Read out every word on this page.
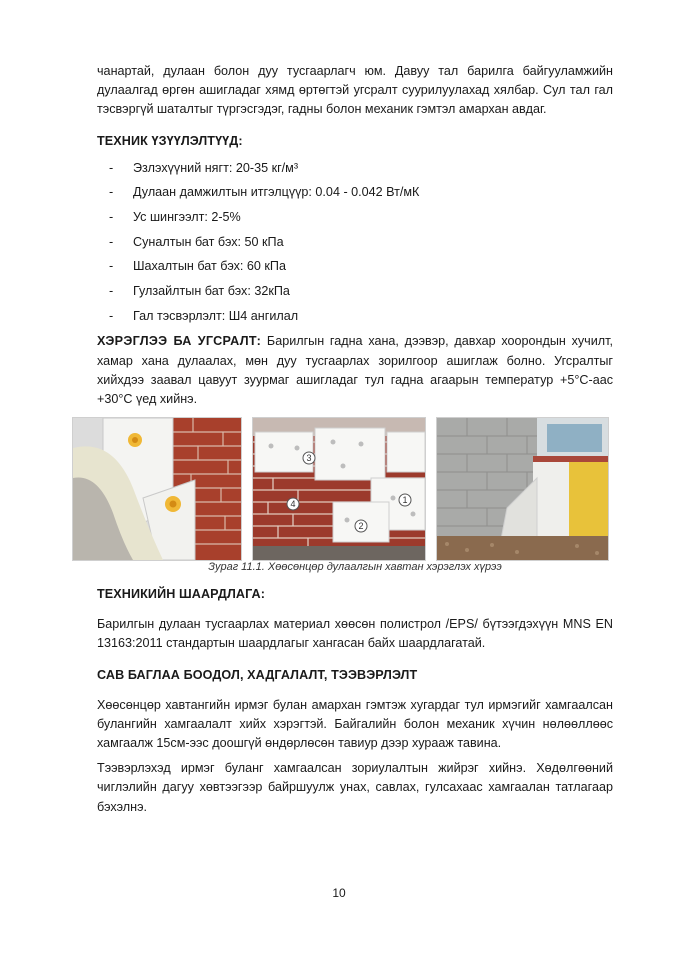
чанартай, дулаан болон дуу тусгаарлагч юм. Давуу тал барилга байгууламжийн дулаалгад өргөн ашигладаг хямд өртөгтэй угсралт суурилуулахад хялбар. Сул тал гал тэсвэргүй шаталтыг түргэсгэдэг, гадны болон механик гэмтэл амархан авдаг.

ТЕХНИК ҮЗҮҮЛЭЛТҮҮД:

-	Эзлэхүүний нягт: 20-35 кг/м³
-	Дулаан дамжилтын итгэлцүүр: 0.04 - 0.042 Вт/мК
-	Ус шингээлт: 2-5%
-	Суналтын бат бэх: 50 кПа
-	Шахалтын бат бэх: 60 кПа
-	Гулзайлтын бат бэх: 32кПа
-	Гал тэсвэрлэлт: Ш4 ангилал

ХЭРЭГЛЭЭ БА УГСРАЛТ: Барилгын гадна хана, дээвэр, давхар хоорондын хучилт, хамар хана дулаалах, мөн дуу тусгаарлах зорилгоор ашиглаж болно. Угсралтыг хийхдээ заавал цавуут зуурмаг ашигладаг тул гадна агаарын температур +5°C-аас +30°C үед хийнэ.

3
4	1
2
Зураг 11.1. Хөөсөнцөр дулаалгын хавтан хэрэглэх хүрээ

ТЕХНИКИЙН ШААРДЛАГА:

Барилгын дулаан тусгаарлах материал хөөсөн полистрол /EPS/ бүтээгдэхүүн MNS EN 13163:2011 стандартын шаардлагыг хангасан байх шаардлагатай.

САВ БАГЛАА БООДОЛ, ХАДГАЛАЛТ, ТЭЭВЭРЛЭЛТ

Хөөсөнцөр хавтангийн ирмэг булан амархан гэмтэж хугардаг тул ирмэгийг хамгаалсан булангийн хамгаалалт хийх хэрэгтэй. Байгалийн болон механик хүчин нөлөөллөөс хамгаалж 15см-ээс доошгүй өндөрлөсөн тавиур дээр хурааж тавина.

Тээвэрлэхэд ирмэг буланг хамгаалсан зориулалтын жийрэг хийнэ. Хөдөлгөөний чиглэлийн дагуу хөвтээгээр байршуулж унах, савлах, гулсахаас хамгаалан татлагаар бэхэлнэ.

10
